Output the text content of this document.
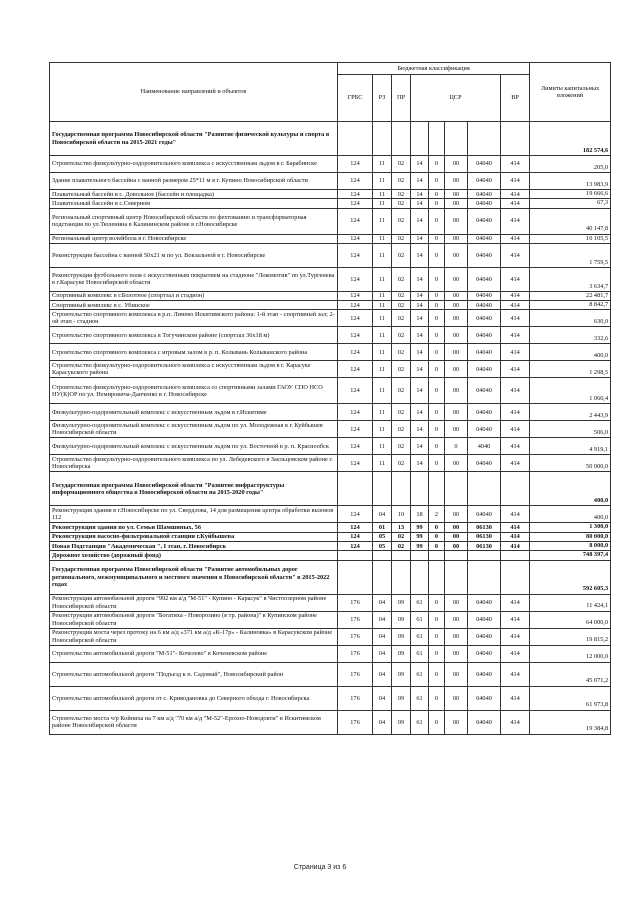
Наименование направлений и объектов	Бюджетная классификация								Лимиты капитальных вложений
	ГРБС	РЗ	ПР	ЦСР				ВР	
Государственная программа Новосибирской области "Развитие физической культуры и спорта в Новосибирской области на 2015-2021 годы"									182 574,6
Строительство физкультурно-оздоровительного комплекса с искусственным льдом в г. Барабинске	124	11	02	14	0	00	04040	414	205,0
Здание плавательного бассейна с ванной размером 25*11 м в г. Купино Новосибирской области	124	11	02	14	0	00	04040	414	13 983,9
Плавательный бассейн в с. Довольное (бассейн и площадка)	124	11	02	14	0	00	04040	414	19 666,6
Плавательный бассейн в с.Северном	124	11	02	14	0	00	04040	414	67,3
Региональный спортивный центр Новосибирской области по фехтованию и трансформаторная подстанция по ул.Тюленина в Калининском районе в г.Новосибирске	124	11	02	14	0	00	04040	414	40 147,8
Региональный центр волейбола в г. Новосибирске	124	11	02	14	0	00	04040	414	10 105,5
Реконструкция бассейна с ванной 50х21 м по ул. Вокзальной в г. Новосибирске	124	11	02	14	0	00	04040	414	1 759,5
Реконструкция футбольного поля с искусственным покрытием на стадионе "Локомотив" по ул.Тургенева в г.Карасуке Новосибирской области	124	11	02	14	0	00	04040	414	3 634,7
Спортивный комплекс в г.Болотное (спортзал и стадион)	124	11	02	14	0	00	04040	414	22 481,7
Спортивный комплекс в с. Убинское	124	11	02	14	0	00	04040	414	8 842,7
Строительство спортивного комплекса в р.п. Линево Искитимского района: 1-й этап - спортивный зал; 2-ой этап - стадион	124	11	02	14	0	00	04040	414	630,0
Строительство спортивного комплекса в Тогучинском районе (спортзал 36х18 м)	124	11	02	14	0	00	04040	414	332,6
Строительство спортивного комплекса с игровым залом в р. п. Колывань Колыванского района	124	11	02	14	0	00	04040	414	400,0
Строительство физкультурно-оздоровительного комплекса с искусственным льдом в г. Карасуке Карасукского района	124	11	02	14	0	00	04040	414	1 298,5
Строительство физкультурно-оздоровительного комплекса со спортивными залами ГАОУ СПО НСО НУ(К)ОР по ул. Немировича-Данченко в г. Новосибирске	124	11	02	14	0	00	04040	414	1 060,4
Физкультурно-оздоровительный комплекс с искусственным льдом в г.Искитиме	124	11	02	14	0	00	04040	414	2 443,9
Физкультурно-оздоровительный комплекс с искусственным льдом по ул. Молодежная в г. Куйбышев Новосибирской области	124	11	02	14	0	00	04040	414	506,0
Физкультурно-оздоровительный комплекс с искусственным льдом по ул. Восточной в р. п. Краснообск	124	11	02	14	0	0	4040	414	4 919,1
Строительство физкультурно-оздоровительного комплекса по ул. Лебедевского в Заельцовском районе г. Новосибирска	124	11	02	14	0	00	04040	414	50 000,0
Государственная программа Новосибирской области "Развитие инфраструктуры информационного общества в Новосибирской области на 2015-2020 годы"									400,0
Реконструкция здания в г.Новосибирске по ул. Свердлова, 14 для размещения центра обработки вызовов 112	124	04	10	18	2	00	04040	414	400,0
Реконструкция здания по ул. Семьи Шамшиных, 56	124	01	13	99	0	00	06130	414	1 300,0
Реконструкция насосно-фильтровальной станции г.Куйбышева	124	05	02	99	0	00	06130	414	80 000,0
Новая Подстанция "Академическая ", I этап, г. Новосибирск	124	05	02	99	0	00	06130	414	8 000,0
Дорожное хозяйство (дорожный фонд)									748 397,4
Государственная программа Новосибирской области "Развитие автомобильных дорог регионального, межмуниципального и местного значения в Новосибирской области" в 2015-2022 годах									592 605,3
Реконструкция автомобильной дороги "992 км а/д "М-51" - Купино - Карасук" в Чистоозерном районе Новосибирской области	176	04	09	61	0	00	04040	414	11 424,1
Реконструкция автомобильной дороги "Богатиха - Новорозино (в тр. района)" в Купинском районе Новосибирской области	176	04	09	61	0	00	04040	414	64 000,0
Реконструкция моста через протоку на 6 км а/д «371 км а/д «К-17р» - Калиновка» в Карасукском районе Новосибирской области	176	04	09	61	0	00	04040	414	19 815,2
Строительство автомобильной дороги "М-51"- Кочелево" в Коченевском районе	176	04	09	61	0	00	04040	414	12 000,0
Строительство автомобильной дороги "Подъезд к п. Садовый", Новосибирский район	176	04	09	61	0	00	04040	414	45 071,2
Строительство автомобильной дороги от с. Криводановка до Северного обхода г. Новосибирска	176	04	09	61	0	00	04040	414	61 973,8
Строительство моста ч/р Койниха на 7 км а/д "70 км а/д "М-52"-Ерохно-Новодокти" в Искитимском районе Новосибирской области	176	04	09	61	0	00	04040	414	19 384,8
Страница 3 из 6
